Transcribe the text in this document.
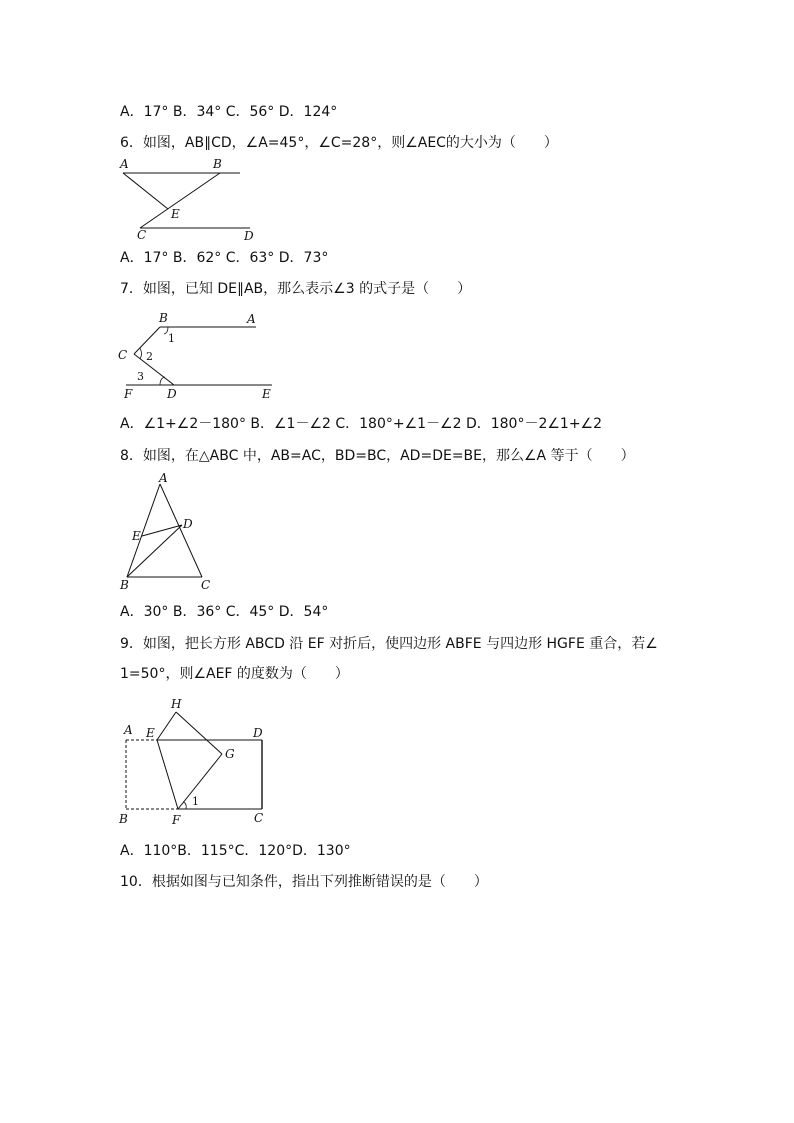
A．17° B．34° C．56° D．124°
6．如图，AB∥CD，∠A=45°，∠C=28°，则∠AEC的大小为（　　）
A	B
E
C	D
A．17° B．62° C．63° D．73°
7．如图，已知 DE∥AB，那么表示∠3 的式子是（　　）
B	A
1
C 2
3
F	D	E
A．∠1+∠2－180° B．∠1－∠2 C．180°+∠1－∠2 D．180°－2∠1+∠2
8．如图，在△ABC 中，AB=AC，BD=BC，AD=DE=BE，那么∠A 等于（　　）
A
E
D
B	C
A．30° B．36° C．45° D．54°
9．如图，把长方形 ABCD 沿 EF 对折后，使四边形 ABFE 与四边形 HGFE 重合，若∠
1=50°，则∠AEF 的度数为（　　）
H
A E	D
G
1
B	F	C
A．110°B．115°C．120°D．130°
10．根据如图与已知条件，指出下列推断错误的是（　　）
